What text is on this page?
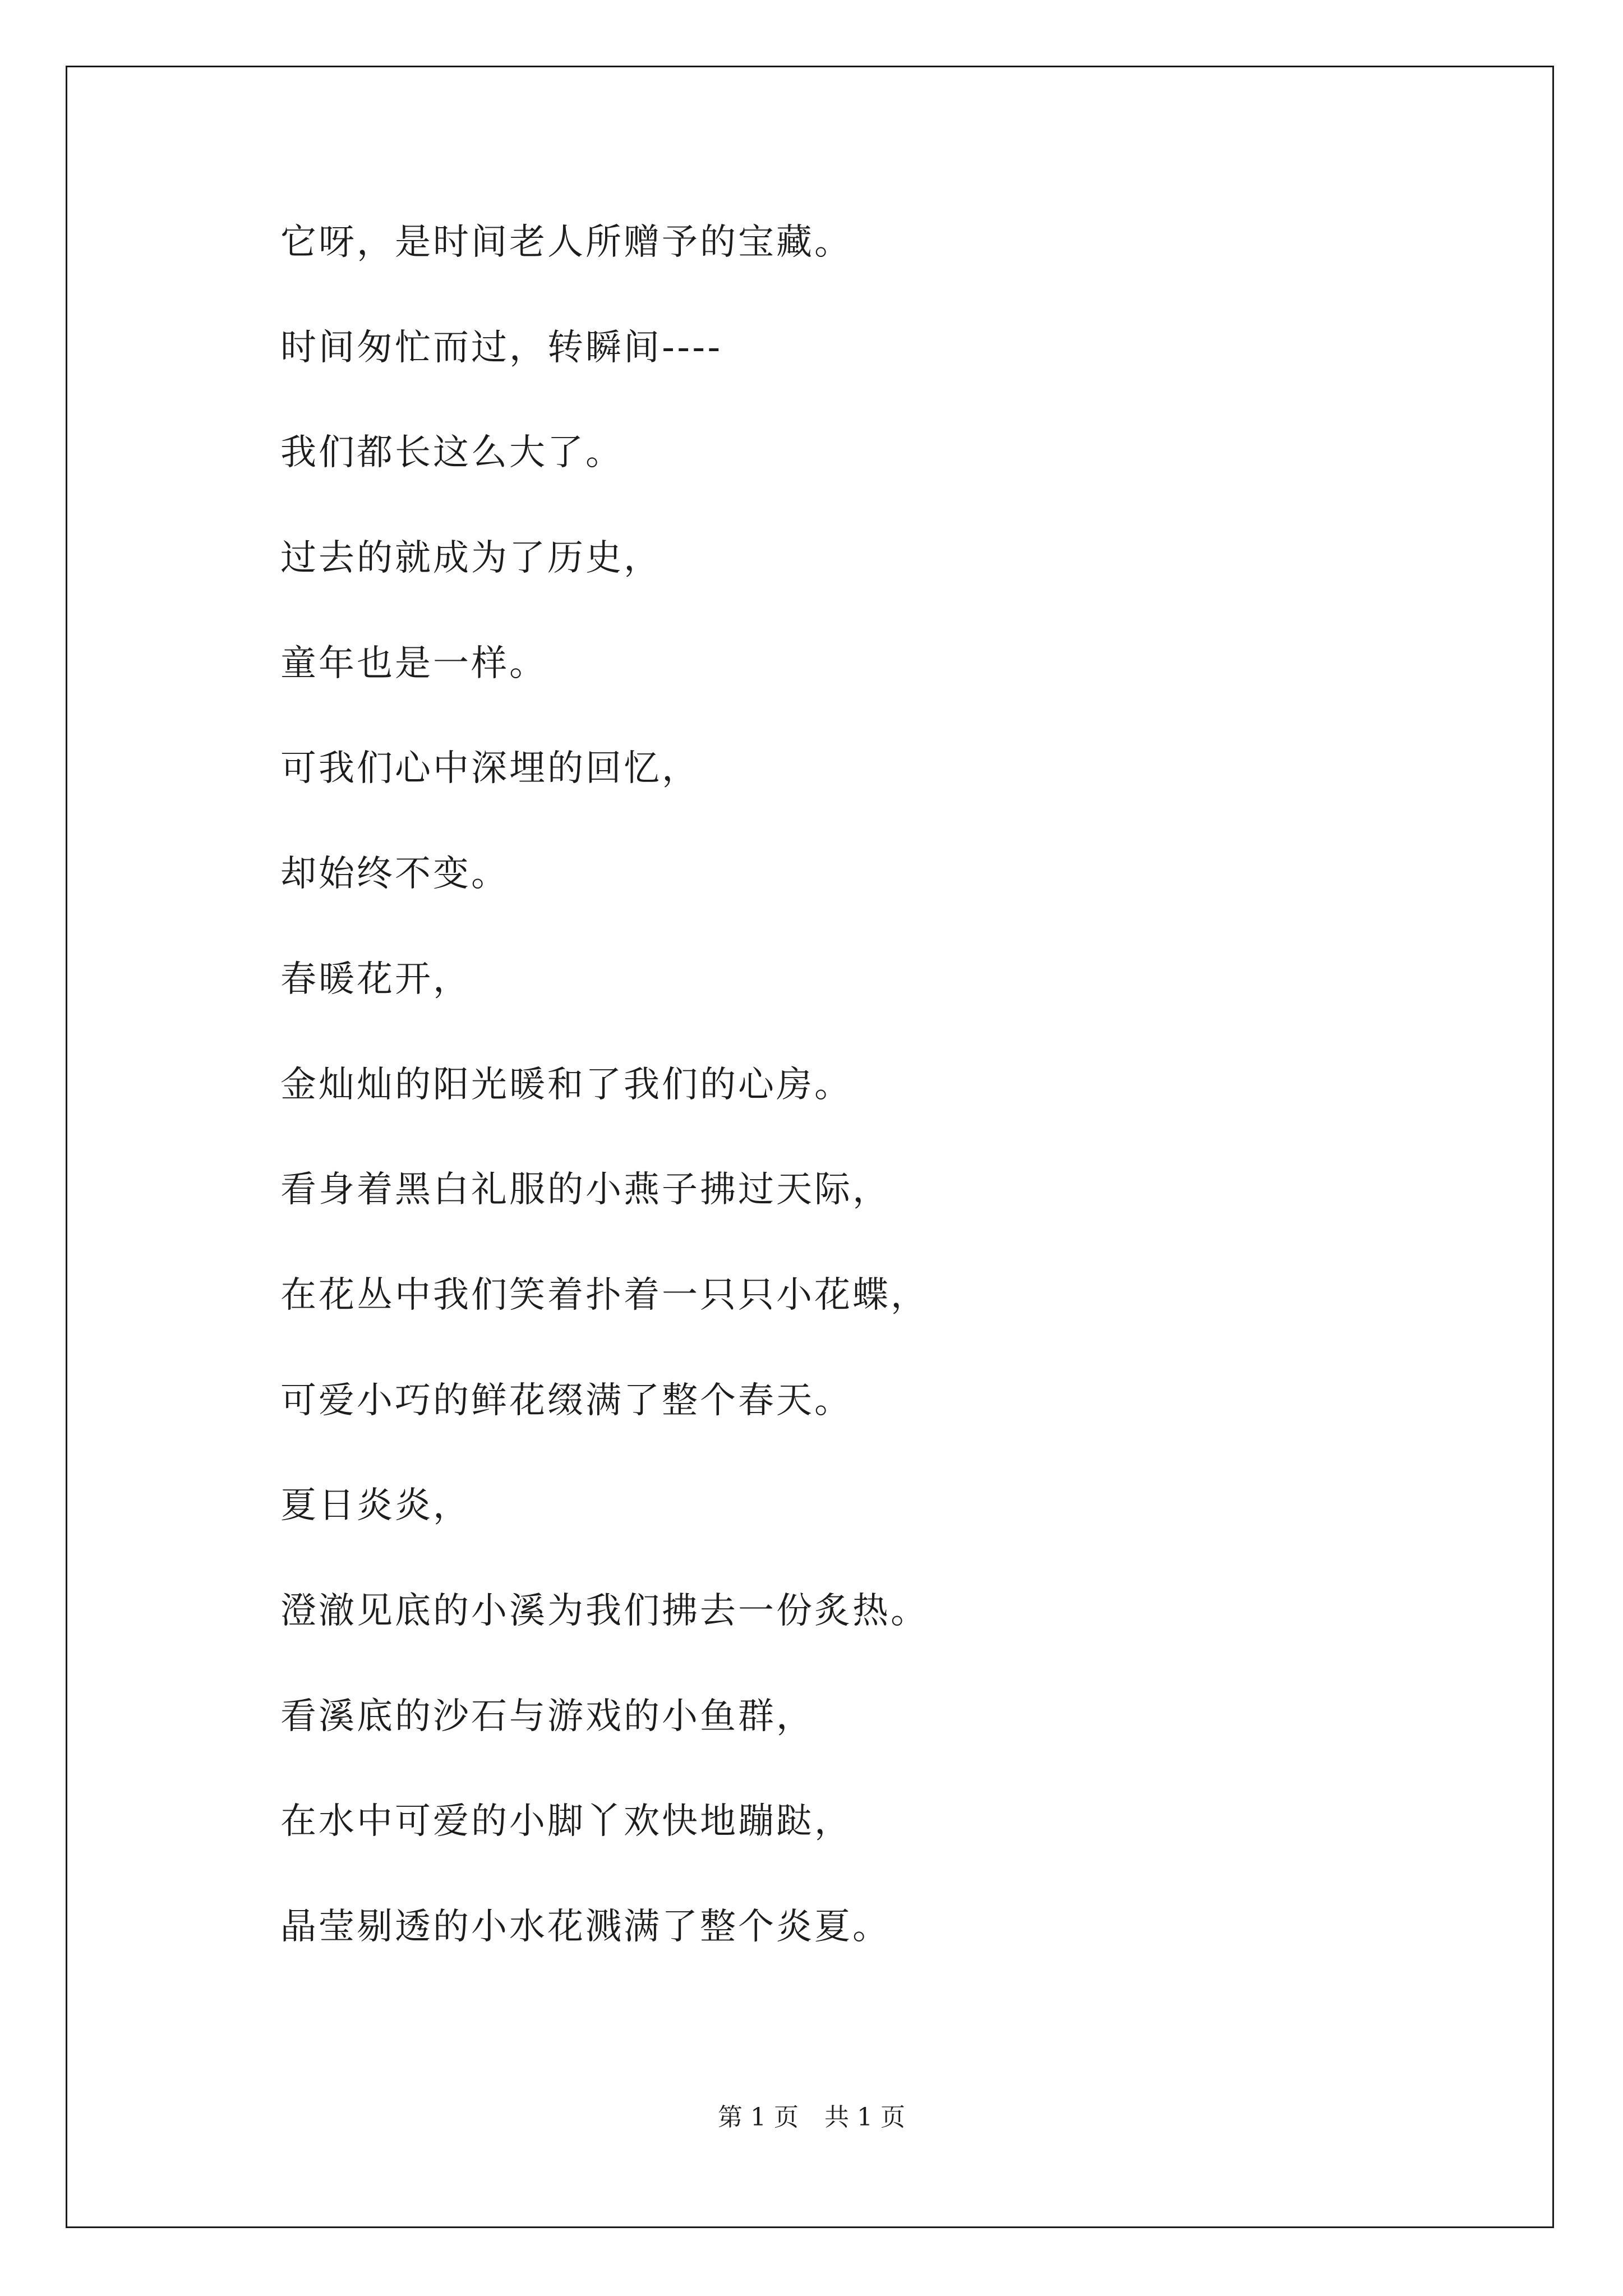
它呀，是时间老人所赠予的宝藏。
时间匆忙而过，转瞬间----
我们都长这么大了。
过去的就成为了历史，
童年也是一样。
可我们心中深埋的回忆，
却始终不变。
春暖花开，
金灿灿的阳光暖和了我们的心房。
看身着黑白礼服的小燕子拂过天际，
在花丛中我们笑着扑着一只只小花蝶，
可爱小巧的鲜花缀满了整个春天。
夏日炎炎，
澄澈见底的小溪为我们拂去一份炙热。
看溪底的沙石与游戏的小鱼群，
在水中可爱的小脚丫欢快地蹦跶，
晶莹剔透的小水花溅满了整个炎夏。
第 1 页 共 1 页
